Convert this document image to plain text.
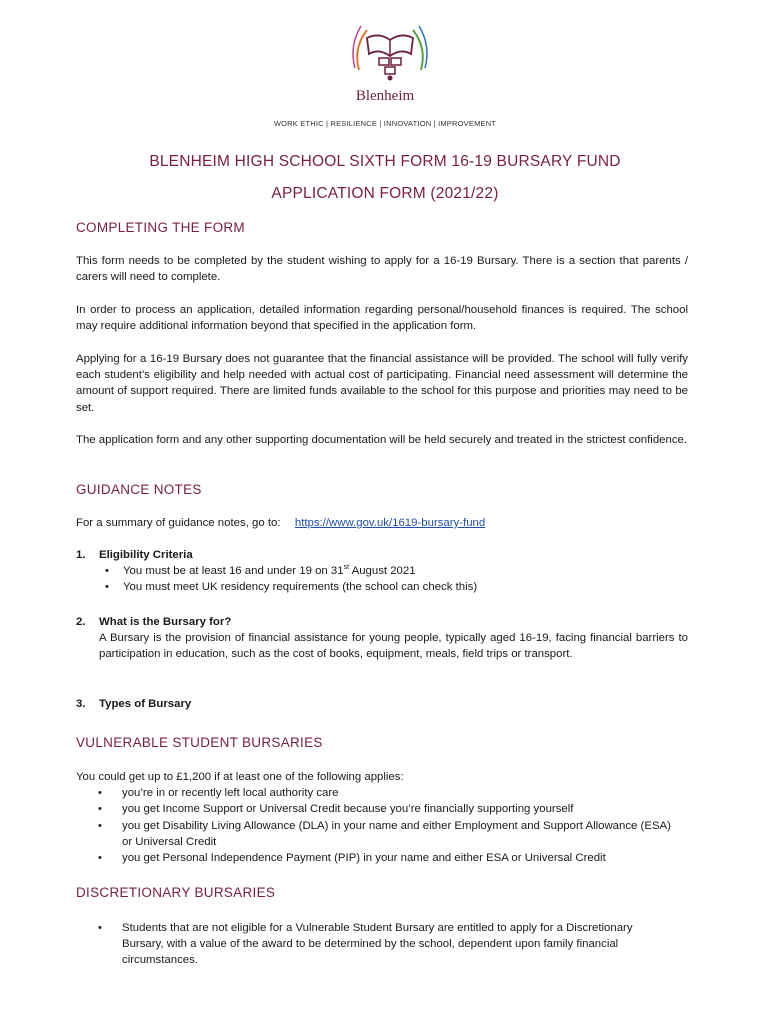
Blenheim
WORK ETHIC | RESILIENCE | INNOVATION | IMPROVEMENT
BLENHEIM HIGH SCHOOL SIXTH FORM 16-19 BURSARY FUND
APPLICATION FORM (2021/22)
COMPLETING THE FORM

This form needs to be completed by the student wishing to apply for a 16-19 Bursary. There is a section that parents / carers will need to complete.

In order to process an application, detailed information regarding personal/household finances is required. The school may require additional information beyond that specified in the application form.

Applying for a 16-19 Bursary does not guarantee that the financial assistance will be provided. The school will fully verify each student’s eligibility and help needed with actual cost of participating. Financial need assessment will determine the amount of support required. There are limited funds available to the school for this purpose and priorities may need to be set.

The application form and any other supporting documentation will be held securely and treated in the strictest confidence.

GUIDANCE NOTES
For a summary of guidance notes, go to: https://www.gov.uk/1619-bursary-fund
1. Eligibility Criteria
• You must be at least 16 and under 19 on 31st August 2021
• You must meet UK residency requirements (the school can check this)
2. What is the Bursary for?

A Bursary is the provision of financial assistance for young people, typically aged 16-19, facing financial barriers to participation in education, such as the cost of books, equipment, meals, field trips or transport.

3. Types of Bursary
VULNERABLE STUDENT BURSARIES
You could get up to £1,200 if at least one of the following applies:
• you’re in or recently left local authority care
• you get Income Support or Universal Credit because you’re financially supporting yourself
• you get Disability Living Allowance (DLA) in your name and either Employment and Support Allowance (ESA) or Universal Credit
• you get Personal Independence Payment (PIP) in your name and either ESA or Universal Credit
DISCRETIONARY BURSARIES
• Students that are not eligible for a Vulnerable Student Bursary are entitled to apply for a Discretionary Bursary, with a value of the award to be determined by the school, dependent upon family financial circumstances.
